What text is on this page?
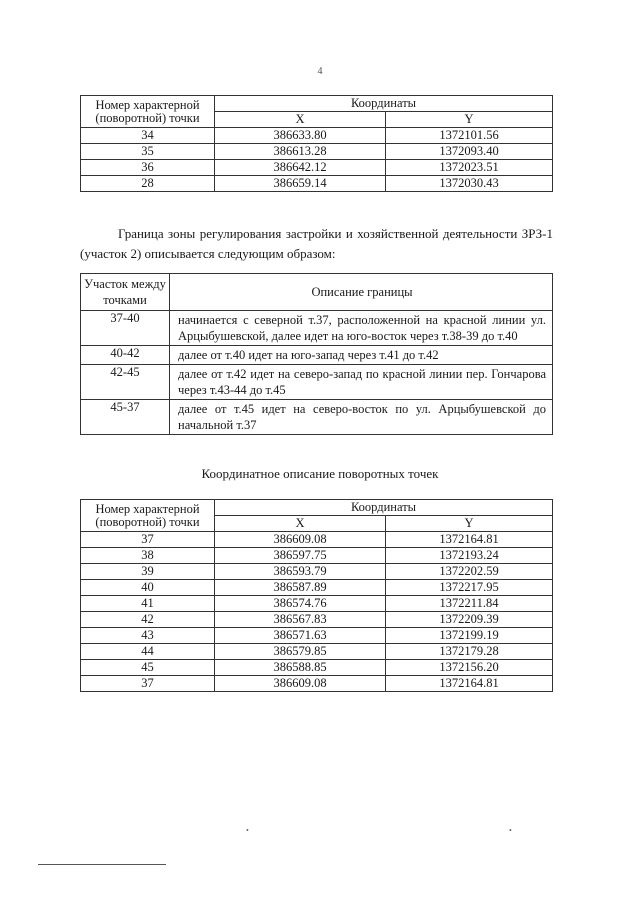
4
Номер характерной (поворотной) точки	Координаты	
	X	Y
34	386633.80	1372101.56
35	386613.28	1372093.40
36	386642.12	1372023.51
28	386659.14	1372030.43
Граница зоны регулирования застройки и хозяйственной деятельности ЗРЗ-1 (участок 2) описывается следующим образом:
Участок между точками	Описание границы
37-40	начинается с северной т.37, расположенной на красной линии ул. Арцыбушевской, далее идет на юго-восток через т.38-39 до т.40
40-42	далее от т.40 идет на юго-запад через т.41 до т.42
42-45	далее от т.42 идет на северо-запад по красной линии пер. Гончарова через т.43-44 до т.45
45-37	далее от т.45 идет на северо-восток по ул. Арцыбушевской до начальной т.37
Координатное описание поворотных точек
Номер характерной (поворотной) точки	Координаты	
	X	Y
37	386609.08	1372164.81
38	386597.75	1372193.24
39	386593.79	1372202.59
40	386587.89	1372217.95
41	386574.76	1372211.84
42	386567.83	1372209.39
43	386571.63	1372199.19
44	386579.85	1372179.28
45	386588.85	1372156.20
37	386609.08	1372164.81
•	•
